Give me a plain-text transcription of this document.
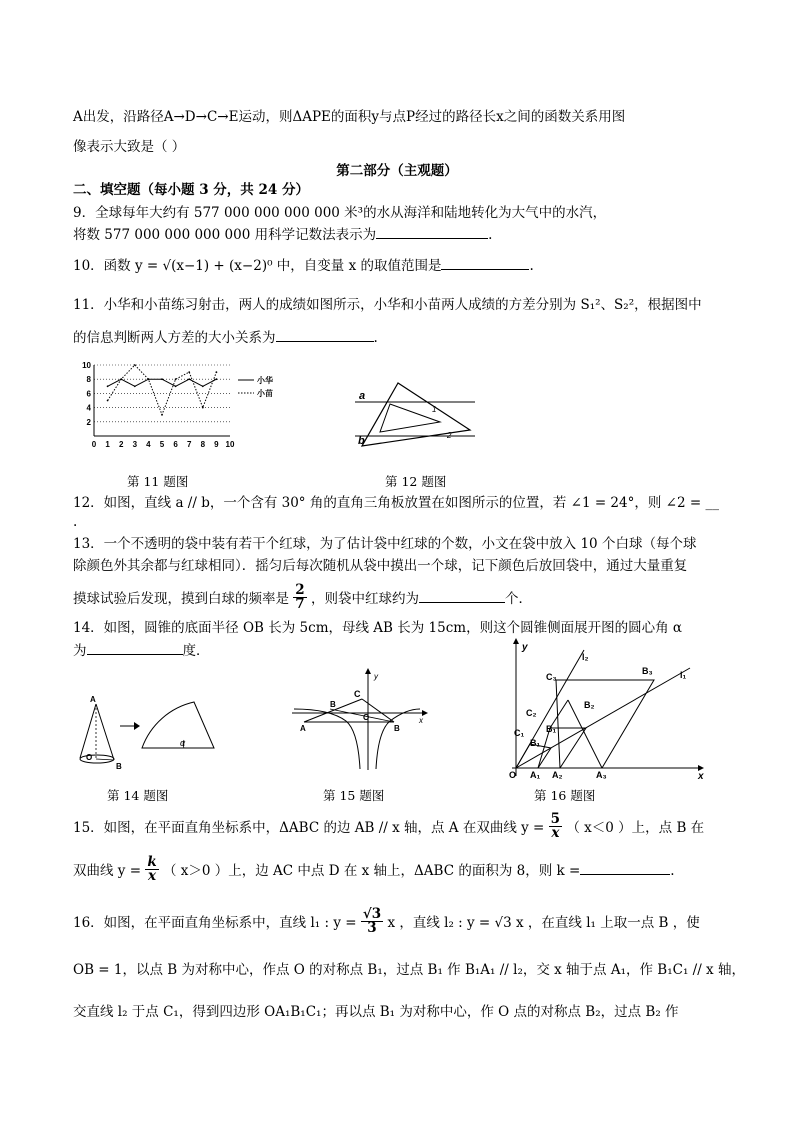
A出发，沿路径A→D→C→E运动，则ΔAPE的面积y与点P经过的路径长x之间的函数关系用图
像表示大致是（ ）
第二部分（主观题）
二、填空题（每小题 3 分，共 24 分）
9．全球每年大约有 577 000 000 000 000 米³的水从海洋和陆地转化为大气中的水汽，
将数 577 000 000 000 000 用科学记数法表示为	.
10．函数 y = √(x−1) + (x−2)⁰ 中，自变量 x 的取值范围是	.
11．小华和小苗练习射击，两人的成绩如图所示，小华和小苗两人成绩的方差分别为 S₁²、S₂²，根据图中
的信息判断两人方差的大小关系为	.
2
4
6
8
10
0 1 2 3 4 5 6 7 8 9 10
小华
小苗
第 11 题图
a
b
1
2
第 12 题图
12．如图，直线 a // b，一个含有 30° 角的直角三角板放置在如图所示的位置，若 ∠1 = 24°，则 ∠2 = __
.
13．一个不透明的袋中装有若干个红球，为了估计袋中红球的个数，小文在袋中放入 10 个白球（每个球
除颜色外其余都与红球相同）．摇匀后每次随机从袋中摸出一个球，记下颜色后放回袋中，通过大量重复
摸球试验后发现，摸到白球的频率是 $\frac{2}{7}$ ，则袋中红球约为	个．
14．如图，圆锥的底面半径 OB 长为 5cm，母线 AB 长为 15cm，则这个圆锥侧面展开图的圆心角 α
为	度．
A
O
B
α
第 14 题图
y
x
C
B
O
A	B
第 15 题图
y
x
l₂
l₁
O A₁ A₂	A₃
B₁
B₁
B₂
B₃
C₁
C₂
C₃
第 16 题图
15．如图，在平面直角坐标系中，ΔABC 的边 AB // x 轴，点 A 在双曲线 $y = \frac{5}{x}$ （ x＜0 ）上，点 B 在
双曲线 $y = \frac{k}{x}$ （ x＞0 ）上，边 AC 中点 D 在 x 轴上，ΔABC 的面积为 8，则 k =	.
16．如图，在平面直角坐标系中，直线 l₁ : $y = \frac{√3}{3}$ x ，直线 l₂ : y = √3 x ，在直线 l₁ 上取一点 B ，使
OB = 1，以点 B 为对称中心，作点 O 的对称点 B₁，过点 B₁ 作 B₁A₁ // l₂，交 x 轴于点 A₁，作 B₁C₁ // x 轴，
交直线 l₂ 于点 C₁，得到四边形 OA₁B₁C₁；再以点 B₁ 为对称中心，作 O 点的对称点 B₂，过点 B₂ 作
